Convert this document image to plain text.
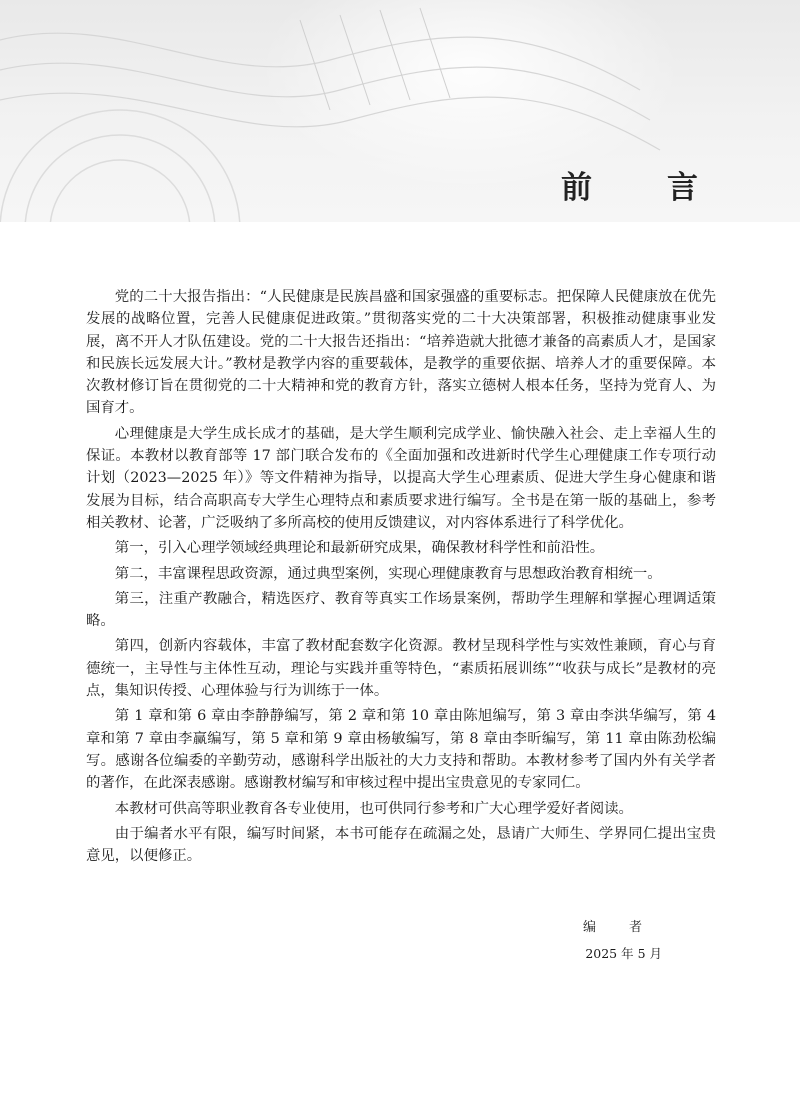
前　言

党的二十大报告指出：“人民健康是民族昌盛和国家强盛的重要标志。把保障人民健康放在优先发展的战略位置，完善人民健康促进政策。”贯彻落实党的二十大决策部署，积极推动健康事业发展，离不开人才队伍建设。党的二十大报告还指出：“培养造就大批德才兼备的高素质人才，是国家和民族长远发展大计。”教材是教学内容的重要载体，是教学的重要依据、培养人才的重要保障。本次教材修订旨在贯彻党的二十大精神和党的教育方针，落实立德树人根本任务，坚持为党育人、为国育才。

心理健康是大学生成长成才的基础，是大学生顺利完成学业、愉快融入社会、走上幸福人生的保证。本教材以教育部等 17 部门联合发布的《全面加强和改进新时代学生心理健康工作专项行动计划（2023—2025 年）》等文件精神为指导，以提高大学生心理素质、促进大学生身心健康和谐发展为目标，结合高职高专大学生心理特点和素质要求进行编写。全书是在第一版的基础上，参考相关教材、论著，广泛吸纳了多所高校的使用反馈建议，对内容体系进行了科学优化。

第一，引入心理学领域经典理论和最新研究成果，确保教材科学性和前沿性。

第二，丰富课程思政资源，通过典型案例，实现心理健康教育与思想政治教育相统一。

第三，注重产教融合，精选医疗、教育等真实工作场景案例，帮助学生理解和掌握心理调适策略。

第四，创新内容载体，丰富了教材配套数字化资源。教材呈现科学性与实效性兼顾，育心与育德统一，主导性与主体性互动，理论与实践并重等特色，“素质拓展训练”“收获与成长”是教材的亮点，集知识传授、心理体验与行为训练于一体。

第 1 章和第 6 章由李静静编写，第 2 章和第 10 章由陈旭编写，第 3 章由李洪华编写，第 4 章和第 7 章由李赢编写，第 5 章和第 9 章由杨敏编写，第 8 章由李昕编写，第 11 章由陈劲松编写。感谢各位编委的辛勤劳动，感谢科学出版社的大力支持和帮助。本教材参考了国内外有关学者的著作，在此深表感谢。感谢教材编写和审核过程中提出宝贵意见的专家同仁。

本教材可供高等职业教育各专业使用，也可供同行参考和广大心理学爱好者阅读。

由于编者水平有限，编写时间紧，本书可能存在疏漏之处，恳请广大师生、学界同仁提出宝贵意见，以便修正。

编　者
2025 年 5 月
